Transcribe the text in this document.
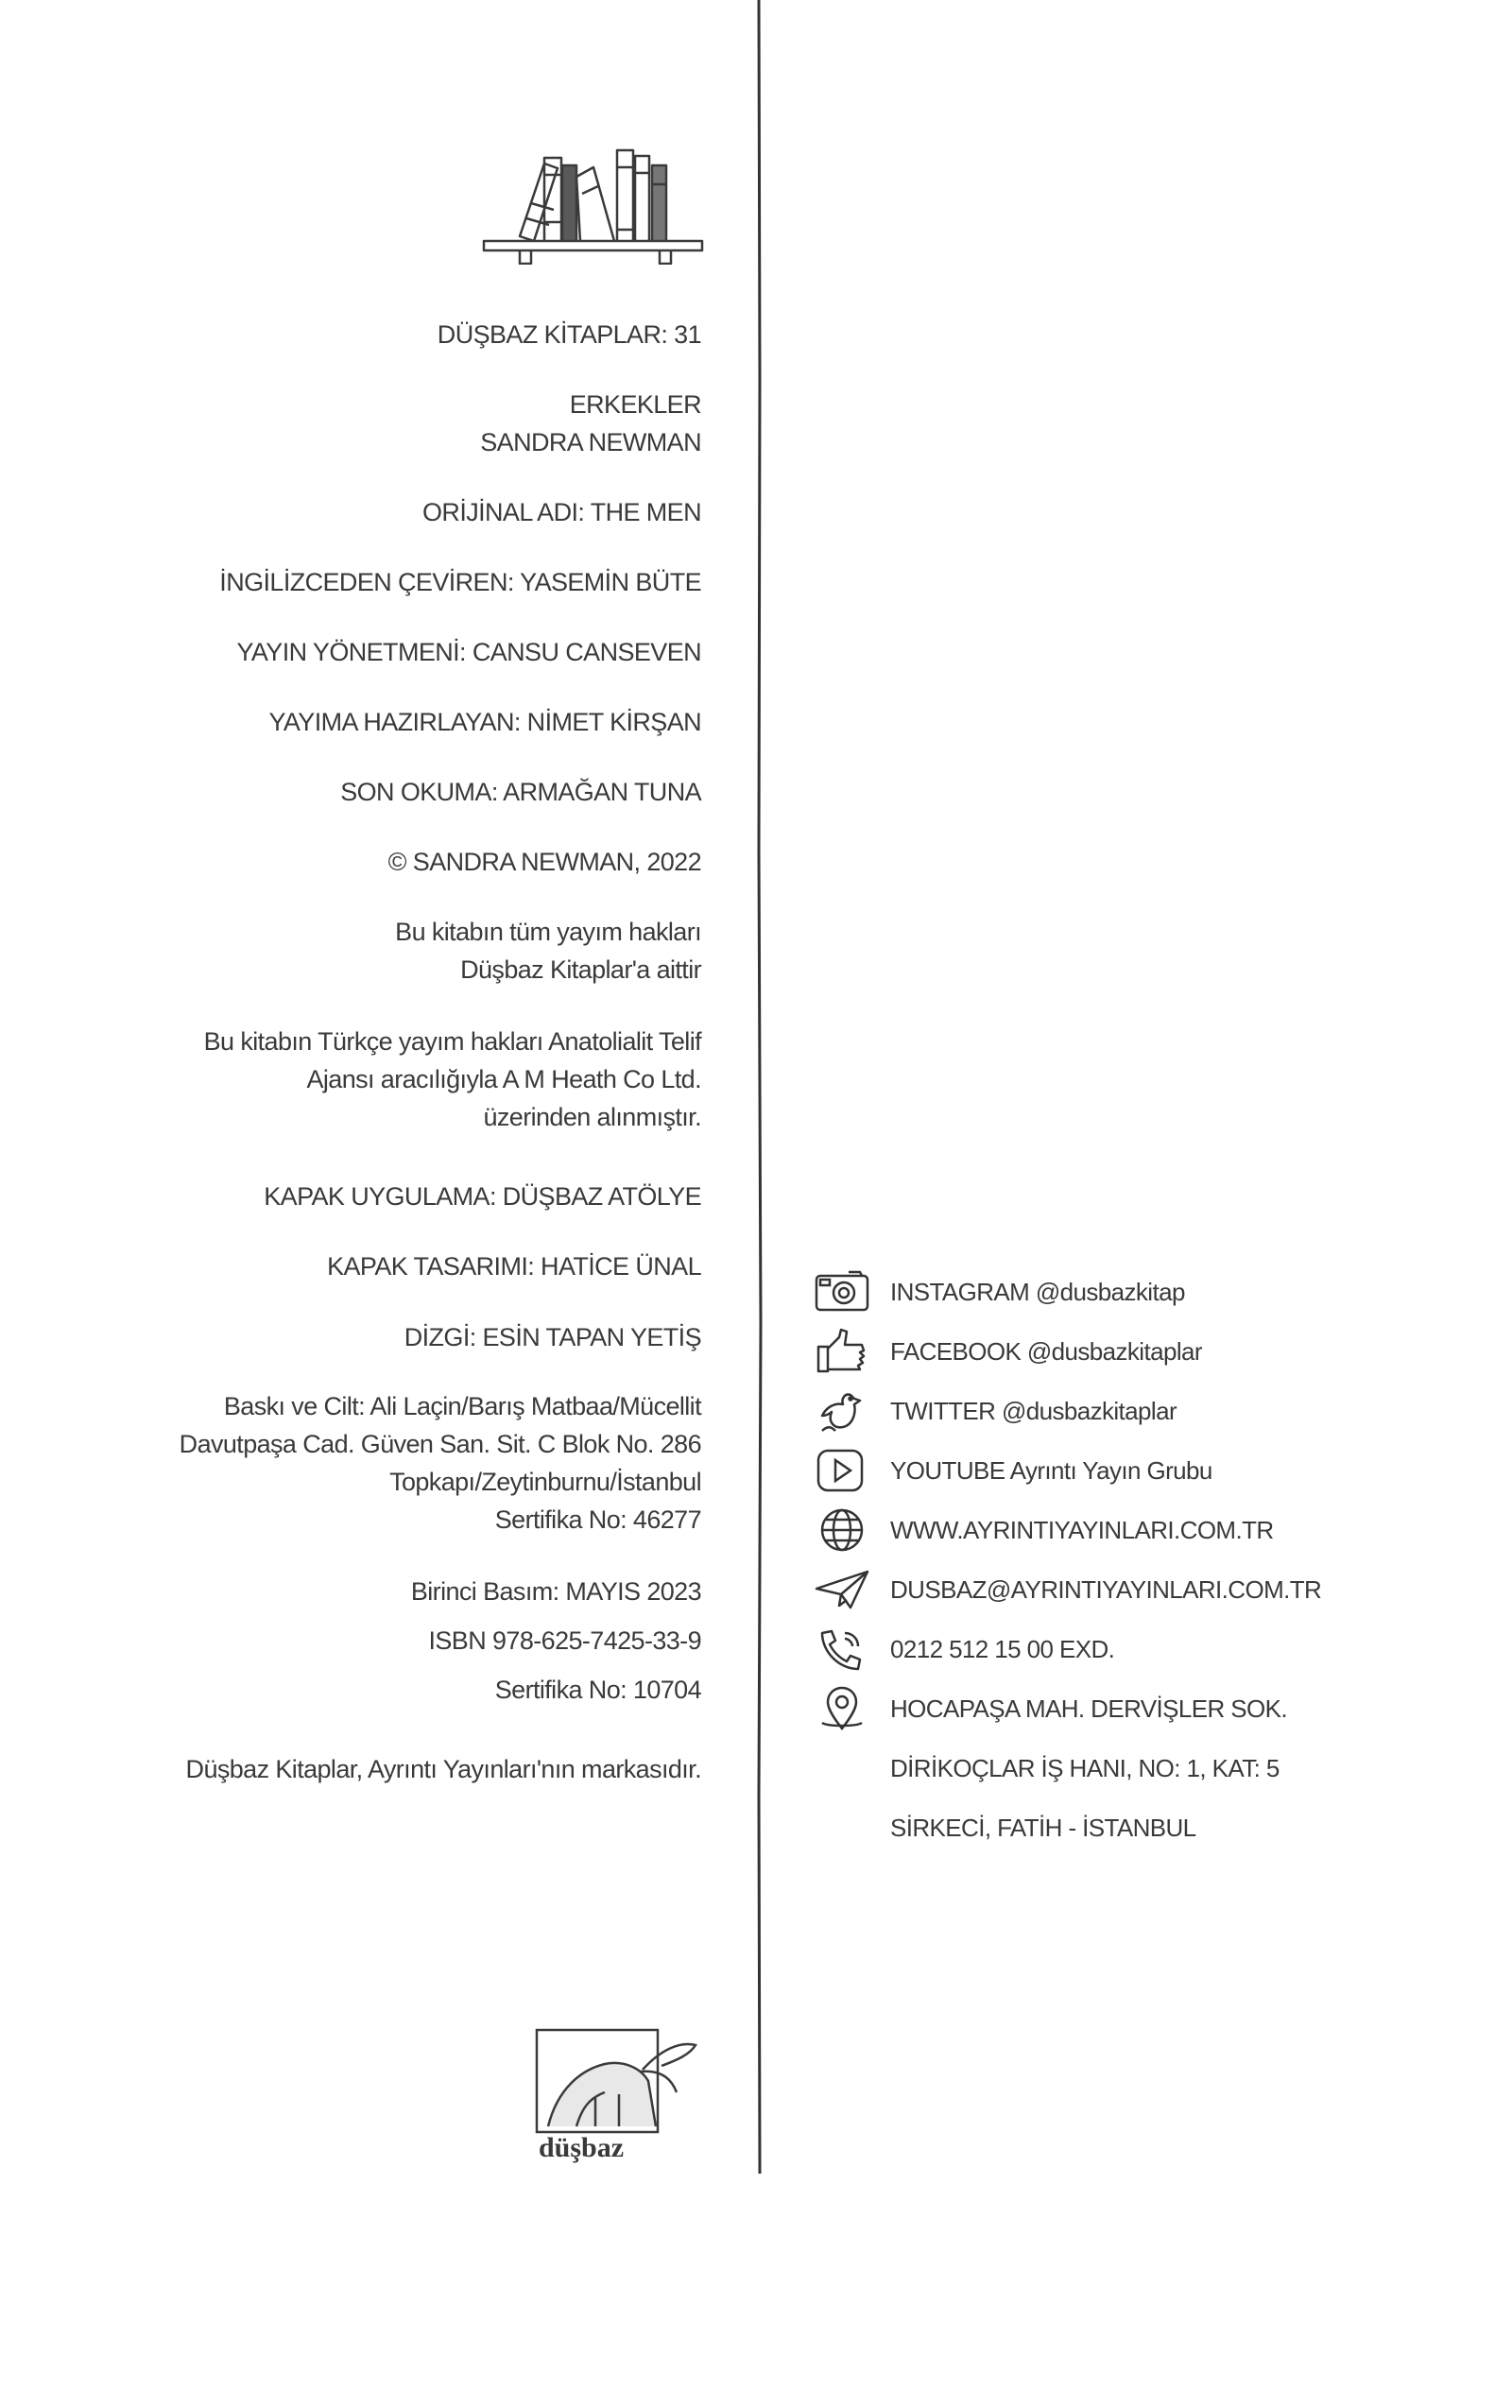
DÜŞBAZ KİTAPLAR: 31
ERKEKLER
SANDRA NEWMAN
ORİJİNAL ADI: THE MEN
İNGİLİZCEDEN ÇEVİREN: YASEMİN BÜTE
YAYIN YÖNETMENİ: CANSU CANSEVEN
YAYIMA HAZIRLAYAN: NİMET KİRŞAN
SON OKUMA: ARMAĞAN TUNA
© SANDRA NEWMAN, 2022
Bu kitabın tüm yayım hakları
Düşbaz Kitaplar'a aittir
Bu kitabın Türkçe yayım hakları Anatolialit Telif
Ajansı aracılığıyla A M Heath Co Ltd.
üzerinden alınmıştır.
KAPAK UYGULAMA: DÜŞBAZ ATÖLYE
KAPAK TASARIMI: HATİCE ÜNAL
DİZGİ: ESİN TAPAN YETİŞ
Baskı ve Cilt: Ali Laçin/Barış Matbaa/Mücellit
Davutpaşa Cad. Güven San. Sit. C Blok No. 286
Topkapı/Zeytinburnu/İstanbul
Sertifika No: 46277
Birinci Basım: MAYIS 2023
ISBN 978-625-7425-33-9
Sertifika No: 10704
Düşbaz Kitaplar, Ayrıntı Yayınları'nın markasıdır.
INSTAGRAM @dusbazkitap
FACEBOOK @dusbazkitaplar
TWITTER @dusbazkitaplar
YOUTUBE Ayrıntı Yayın Grubu
WWW.AYRINTIYAYINLARI.COM.TR
DUSBAZ@AYRINTIYAYINLARI.COM.TR
0212 512 15 00 EXD.
HOCAPAŞA MAH. DERVİŞLER SOK.
DİRİKOÇLAR İŞ HANI, NO: 1, KAT: 5
SİRKECİ, FATİH - İSTANBUL
düşbaz
